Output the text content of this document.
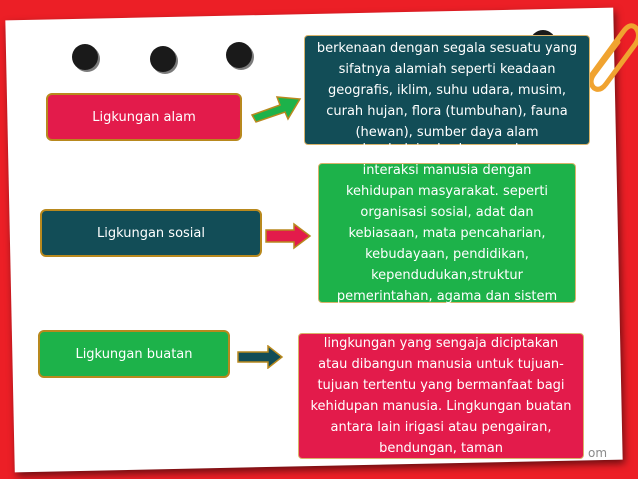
Ligkungan alam
berkenaan dengan segala sesuatu yang sifatnya alamiah seperti keadaan geografis, iklim, suhu udara, musim, curah hujan, flora (tumbuhan), fauna (hewan), sumber daya alam
Ligkungan sosial
sumber belajar berkenaan dengan interaksi manusia dengan kehidupan masyarakat. seperti organisasi sosial, adat dan kebiasaan, mata pencaharian, kebudayaan, pendidikan, kependudukan,struktur pemerintahan, agama dan sistem nilai
Ligkungan buatan
lingkungan yang sengaja diciptakan atau dibangun manusia untuk tujuan-tujuan tertentu yang bermanfaat bagi kehidupan manusia. Lingkungan buatan antara lain irigasi atau pengairan, bendungan, taman	om
